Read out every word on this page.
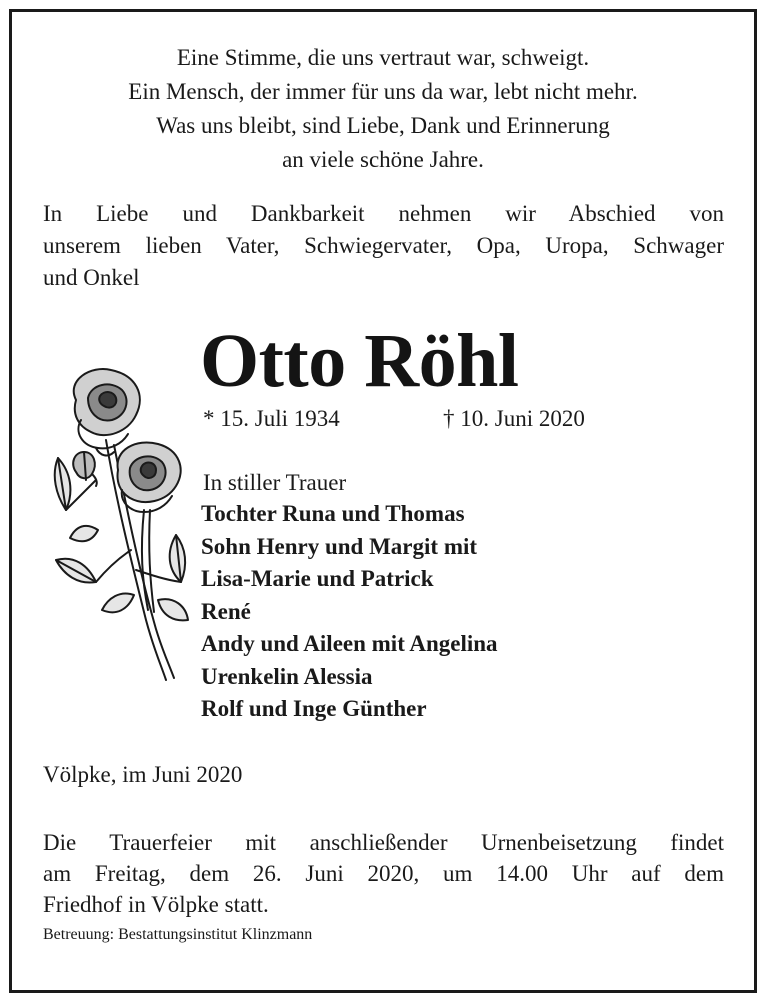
Eine Stimme, die uns vertraut war, schweigt.
Ein Mensch, der immer für uns da war, lebt nicht mehr.
Was uns bleibt, sind Liebe, Dank und Erinnerung
an viele schöne Jahre.
In Liebe und Dankbarkeit nehmen wir Abschied von
unserem lieben Vater, Schwiegervater, Opa, Uropa, Schwager
und Onkel
Otto Röhl
* 15. Juli 1934	† 10. Juni 2020
In stiller Trauer
Tochter Runa und Thomas
Sohn Henry und Margit mit
Lisa-Marie und Patrick
René
Andy und Aileen mit Angelina
Urenkelin Alessia
Rolf und Inge Günther
Völpke, im Juni 2020
Die Trauerfeier mit anschließender Urnenbeisetzung findet
am Freitag, dem 26. Juni 2020, um 14.00 Uhr auf dem
Friedhof in Völpke statt.
Betreuung: Bestattungsinstitut Klinzmann
